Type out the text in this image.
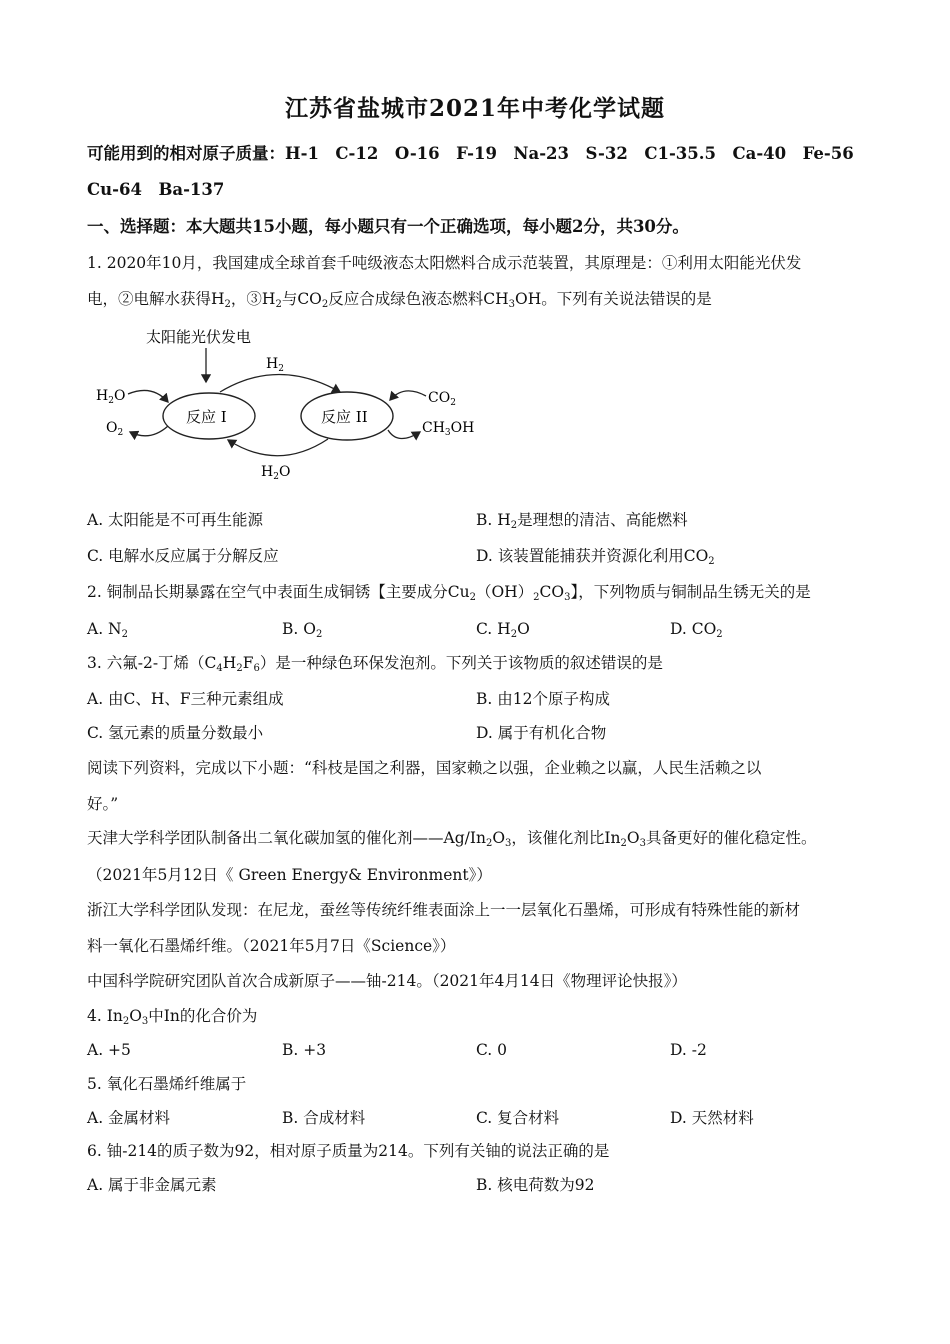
江苏省盐城市2021年中考化学试题
可能用到的相对原子质量：H-1　C-12　O-16　F-19　Na-23　S-32　C1-35.5　Ca-40　Fe-56
Cu-64　Ba-137
一、选择题：本大题共15小题，每小题只有一个正确选项，每小题2分，共30分。
1. 2020年10月，我国建成全球首套千吨级液态太阳燃料合成示范装置，其原理是：①利用太阳能光伏发
电，②电解水获得$H_2$，$③H_2$与$CO_2$反应合成绿色液态燃料$CH_3OH$。下列有关说法错误的是
太阳能光伏发电
反应 I	反应 II
$H_2$
$H_2O$
$H_2O$
$O_2$
$CO_2$
$CH_3OH$
A. 太阳能是不可再生能源	B. $H_2$是理想的清洁、高能燃料
C. 电解水反应属于分解反应	D. 该装置能捕获并资源化利用$CO_2$
2. 铜制品长期暴露在空气中表面生成铜锈【主要成分$Cu_2(OH)_2CO_3$】，下列物质与铜制品生锈无关的是
A. $N_2$	B. $O_2$	C. $H_2O$	D. $CO_2$
3. 六氟-2-丁烯$(C_4H_2F_6)$是一种绿色环保发泡剂。下列关于该物质的叙述错误的是
A. 由C、H、F三种元素组成	B. 由12个原子构成
C. 氢元素的质量分数最小	D. 属于有机化合物
阅读下列资料，完成以下小题：“科枝是国之利器，国家赖之以强，企业赖之以赢，人民生活赖之以
好。”
天津大学科学团队制备出二氧化碳加氢的催化剂$——Ag/In_2O_3$，该催化剂比$In_2O_3$具备更好的催化稳定性。
（2021年5月12日《 Green Energy& Environment》）
浙江大学科学团队发现：在尼龙，蚕丝等传统纤维表面涂上一一层氧化石墨烯，可形成有特殊性能的新材
料一氧化石墨烯纤维。（2021年5月7日《Science》）
中国科学院研究团队首次合成新原子——铀-214。（2021年4月14日《物理评论快报》）
4. $In_2O_3$中In的化合价为
A. +5	B. +3	C. 0	D. -2
5. 氧化石墨烯纤维属于
A. 金属材料	B. 合成材料	C. 复合材料	D. 天然材料
6. 铀-214的质子数为92，相对原子质量为214。下列有关铀的说法正确的是
A. 属于非金属元素	B. 核电荷数为92
